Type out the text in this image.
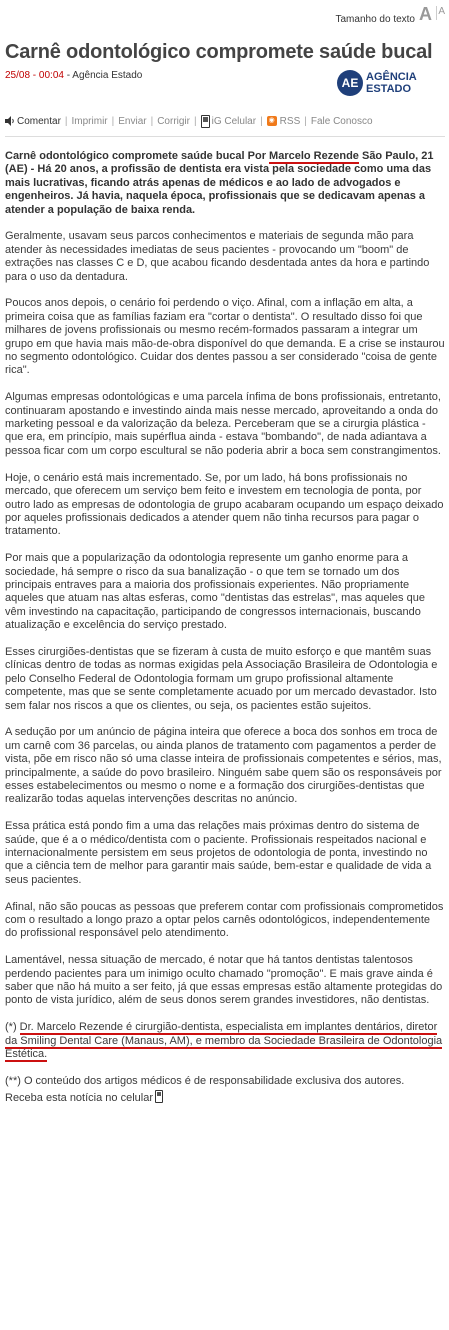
Tamanho do texto A A
Carnê odontológico compromete saúde bucal
25/08 - 00:04 - Agência Estado
AE AGÊNCIA
ESTADO
Comentar | Imprimir | Enviar | Corrigir | iG Celular | ◉ RSS | Fale Conosco

Carnê odontológico compromete saúde bucal Por Marcelo Rezende São Paulo, 21 (AE) - Há 20 anos, a profissão de dentista era vista pela sociedade como uma das mais lucrativas, ficando atrás apenas de médicos e ao lado de advogados e engenheiros. Já havia, naquela época, profissionais que se dedicavam apenas a atender a população de baixa renda.

Geralmente, usavam seus parcos conhecimentos e materiais de segunda mão para atender às necessidades imediatas de seus pacientes - provocando um "boom" de extrações nas classes C e D, que acabou ficando desdentada antes da hora e partindo para o uso da dentadura.

Poucos anos depois, o cenário foi perdendo o viço. Afinal, com a inflação em alta, a primeira coisa que as famílias faziam era "cortar o dentista". O resultado disso foi que milhares de jovens profissionais ou mesmo recém-formados passaram a integrar um grupo em que havia mais mão-de-obra disponível do que demanda. E a crise se instaurou no segmento odontológico. Cuidar dos dentes passou a ser considerado "coisa de gente rica".

Algumas empresas odontológicas e uma parcela ínfima de bons profissionais, entretanto, continuaram apostando e investindo ainda mais nesse mercado, aproveitando a onda do marketing pessoal e da valorização da beleza. Perceberam que se a cirurgia plástica - que era, em princípio, mais supérflua ainda - estava "bombando", de nada adiantava a pessoa ficar com um corpo escultural se não poderia abrir a boca sem constrangimentos.

Hoje, o cenário está mais incrementado. Se, por um lado, há bons profissionais no mercado, que oferecem um serviço bem feito e investem em tecnologia de ponta, por outro lado as empresas de odontologia de grupo acabaram ocupando um espaço deixado por aqueles profissionais dedicados a atender quem não tinha recursos para pagar o tratamento.

Por mais que a popularização da odontologia represente um ganho enorme para a sociedade, há sempre o risco da sua banalização - o que tem se tornado um dos principais entraves para a maioria dos profissionais experientes. Não propriamente aqueles que atuam nas altas esferas, como "dentistas das estrelas", mas aqueles que vêm investindo na capacitação, participando de congressos internacionais, buscando atualização e excelência do serviço prestado.

Esses cirurgiões-dentistas que se fizeram à custa de muito esforço e que mantêm suas clínicas dentro de todas as normas exigidas pela Associação Brasileira de Odontologia e pelo Conselho Federal de Odontologia formam um grupo profissional altamente competente, mas que se sente completamente acuado por um mercado devastador. Isto sem falar nos riscos a que os clientes, ou seja, os pacientes estão sujeitos.

A sedução por um anúncio de página inteira que oferece a boca dos sonhos em troca de um carnê com 36 parcelas, ou ainda planos de tratamento com pagamentos a perder de vista, põe em risco não só uma classe inteira de profissionais competentes e sérios, mas, principalmente, a saúde do povo brasileiro. Ninguém sabe quem são os responsáveis por esses estabelecimentos ou mesmo o nome e a formação dos cirurgiões-dentistas que realizarão todas aquelas intervenções descritas no anúncio.

Essa prática está pondo fim a uma das relações mais próximas dentro do sistema de saúde, que é a o médico/dentista com o paciente. Profissionais respeitados nacional e internacionalmente persistem em seus projetos de odontologia de ponta, investindo no que a ciência tem de melhor para garantir mais saúde, bem-estar e qualidade de vida a seus pacientes.

Afinal, não são poucas as pessoas que preferem contar com profissionais comprometidos com o resultado a longo prazo a optar pelos carnês odontológicos, independentemente do profissional responsável pelo atendimento.

Lamentável, nessa situação de mercado, é notar que há tantos dentistas talentosos perdendo pacientes para um inimigo oculto chamado "promoção". E mais grave ainda é saber que não há muito a ser feito, já que essas empresas estão altamente protegidas do ponto de vista jurídico, além de seus donos serem grandes investidores, não dentistas.

(*) Dr. Marcelo Rezende é cirurgião-dentista, especialista em implantes dentários, diretor da Smiling Dental Care (Manaus, AM), e membro da Sociedade Brasileira de Odontologia Estética.

(**) O conteúdo dos artigos médicos é de responsabilidade exclusiva dos autores.

Receba esta notícia no celular
